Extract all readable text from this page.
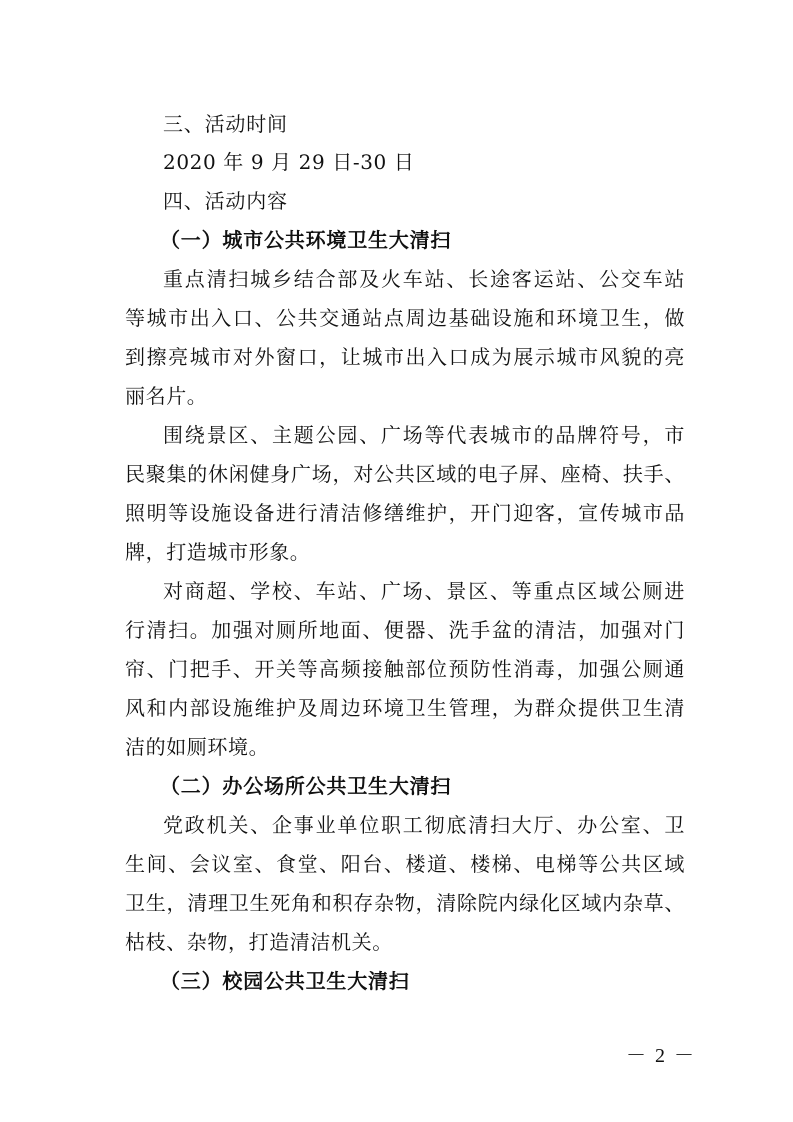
三、活动时间
2020 年 9 月 29 日-30 日
四、活动内容
（一）城市公共环境卫生大清扫
重点清扫城乡结合部及火车站、长途客运站、公交车站
等城市出入口、公共交通站点周边基础设施和环境卫生，做
到擦亮城市对外窗口，让城市出入口成为展示城市风貌的亮
丽名片。
围绕景区、主题公园、广场等代表城市的品牌符号，市
民聚集的休闲健身广场，对公共区域的电子屏、座椅、扶手、
照明等设施设备进行清洁修缮维护，开门迎客，宣传城市品
牌，打造城市形象。
对商超、学校、车站、广场、景区、等重点区域公厕进
行清扫。加强对厕所地面、便器、洗手盆的清洁，加强对门
帘、门把手、开关等高频接触部位预防性消毒，加强公厕通
风和内部设施维护及周边环境卫生管理，为群众提供卫生清
洁的如厕环境。
（二）办公场所公共卫生大清扫
党政机关、企事业单位职工彻底清扫大厅、办公室、卫
生间、会议室、食堂、阳台、楼道、楼梯、电梯等公共区域
卫生，清理卫生死角和积存杂物，清除院内绿化区域内杂草、
枯枝、杂物，打造清洁机关。
（三）校园公共卫生大清扫
－ 2 －
